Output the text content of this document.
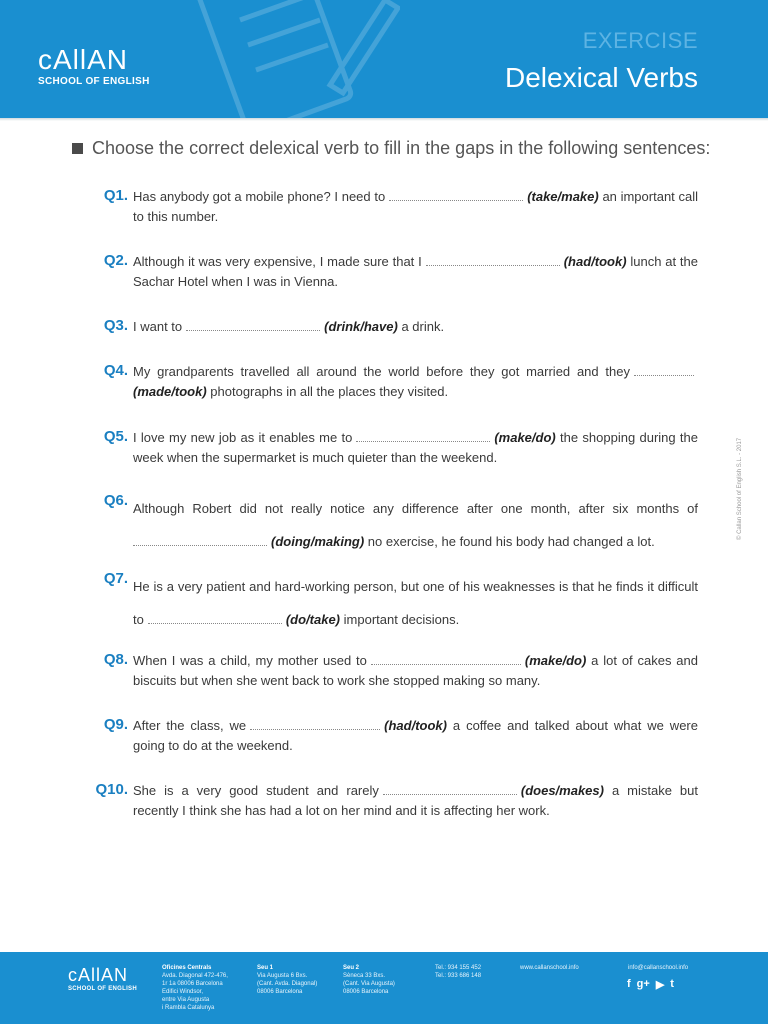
cAllAN
SCHOOL OF ENGLISH
EXERCISE
Delexical Verbs
Choose the correct delexical verb to fill in the gaps in the following sentences:
Q1. Has anybody got a mobile phone? I need to	(take/make) an important call to this number.
Q2. Although it was very expensive, I made sure that I	(had/took) lunch at the Sachar Hotel when I was in Vienna.
Q3. I want to	(drink/have) a drink.
Q4. My grandparents travelled all around the world before they got married and they(made/took) photographs in all the places they visited.
Q5. I love my new job as it enables me to	(make/do) the shopping during the week when the supermarket is much quieter than the weekend.
Q6. Although Robert did not really notice any difference after one month, after six months of (doing/making) no exercise, he found his body had changed a lot.
Q7. He is a very patient and hard-working person, but one of his weaknesses is that he finds it difficult to	(do/take) important decisions.
Q8. When I was a child, my mother used to	(make/do) a lot of cakes and biscuits but when she went back to work she stopped making so many.
Q9. After the class, we	(had/took) a coffee and talked about what we were going to do at the weekend.
Q10. She is a very good student and rarely	(does/makes) a mistake but recently I think she has had a lot on her mind and it is affecting her work.
© Callan School of English S.L. - 2017
cAllAN
SCHOOL OF ENGLISH
Oficines Centrals
Avda. Diagonal 472-476,
1r 1a 08006 Barcelona
Edifici Windsor,
entre Via Augusta
i Rambla Catalunya
Seu 1
Via Augusta 6 Bxs.
(Cant. Avda. Diagonal)
08006 Barcelona
Seu 2
Sèneca 33 Bxs.
(Cant. Via Augusta)
08006 Barcelona
Tel.: 934 155 452
Tel.: 933 686 148
www.callanschool.info	info@callanschool.info
f g+ ▶ t
